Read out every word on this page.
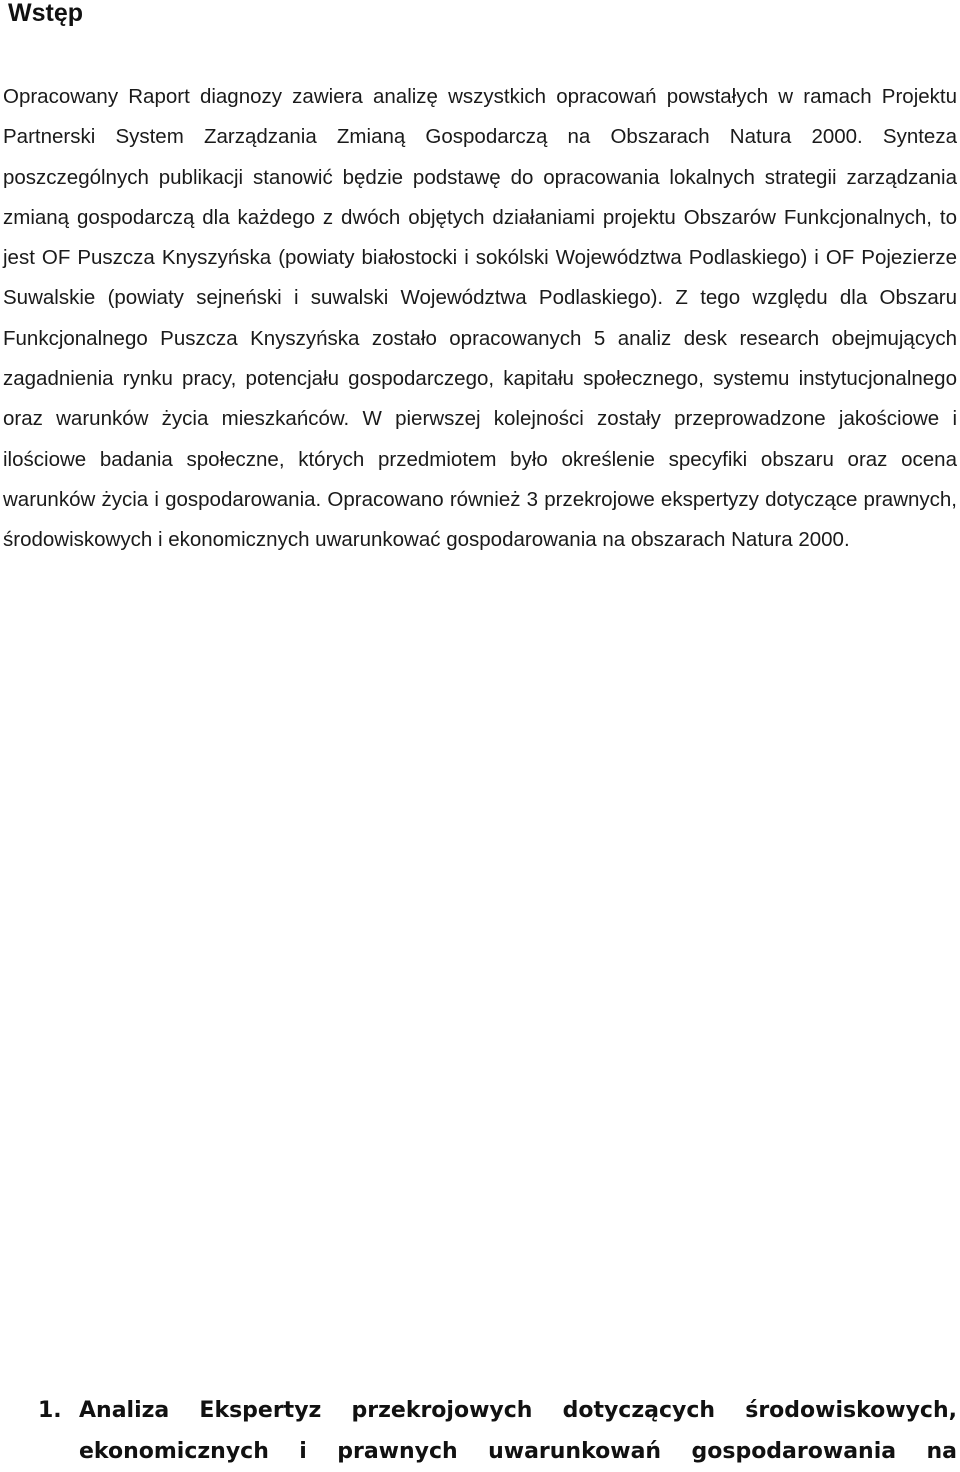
Wstęp

Opracowany Raport diagnozy zawiera analizę wszystkich opracowań powstałych w ramach Projektu Partnerski System Zarządzania Zmianą Gospodarczą na Obszarach Natura 2000. Synteza poszczególnych publikacji stanowić będzie podstawę do opracowania lokalnych strategii zarządzania zmianą gospodarczą dla każdego z dwóch objętych działaniami projektu Obszarów Funkcjonalnych, to jest OF Puszcza Knyszyńska (powiaty białostocki i sokólski Województwa Podlaskiego) i OF Pojezierze Suwalskie (powiaty sejneński i suwalski Województwa Podlaskiego). Z tego względu dla Obszaru Funkcjonalnego Puszcza Knyszyńska zostało opracowanych 5 analiz desk research obejmujących zagadnienia rynku pracy, potencjału gospodarczego, kapitału społecznego, systemu instytucjonalnego oraz warunków życia mieszkańców. W pierwszej kolejności zostały przeprowadzone jakościowe i ilościowe badania społeczne, których przedmiotem było określenie specyfiki obszaru oraz ocena warunków życia i gospodarowania. Opracowano również 3 przekrojowe ekspertyzy dotyczące prawnych, środowiskowych i ekonomicznych uwarunkować gospodarowania na obszarach Natura 2000.

1. Analiza Ekspertyz przekrojowych dotyczących środowiskowych, ekonomicznych i prawnych uwarunkowań gospodarowania na
